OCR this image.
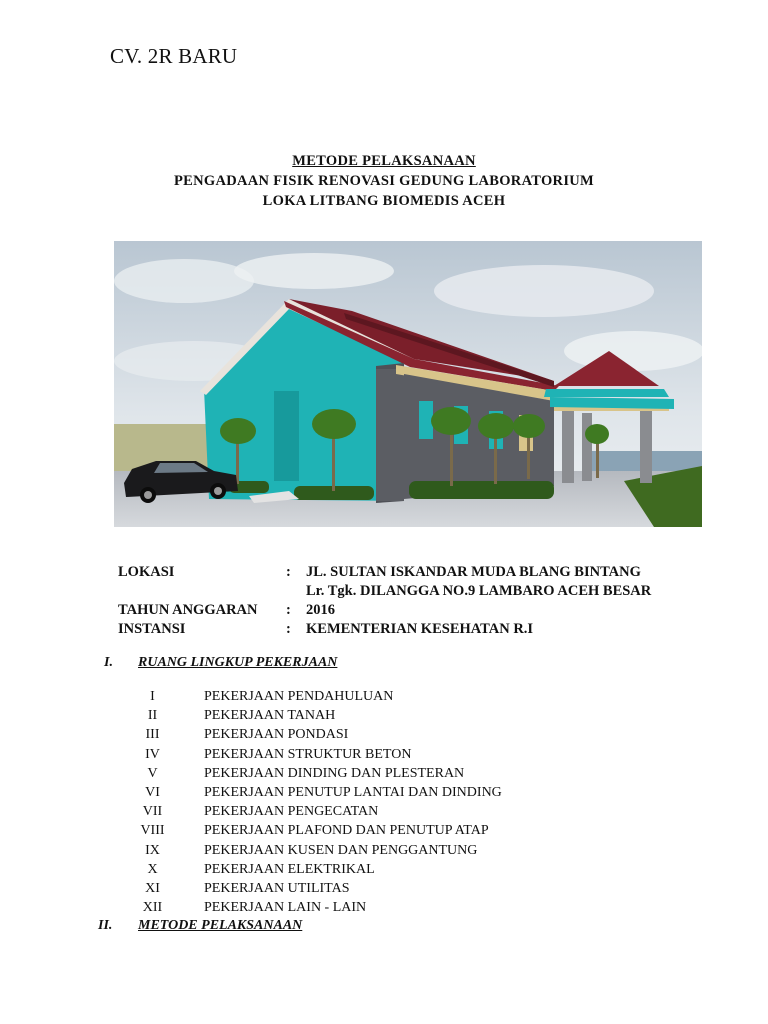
CV. 2R BARU
METODE PELAKSANAAN
PENGADAAN FISIK RENOVASI GEDUNG LABORATORIUM
LOKA LITBANG BIOMEDIS ACEH
LOKASI	: JL. SULTAN ISKANDAR MUDA BLANG BINTANG
Lr. Tgk. DILANGGA NO.9 LAMBARO ACEH BESAR
TAHUN ANGGARAN : 2016
INSTANSI	: KEMENTERIAN KESEHATAN R.I
I. RUANG LINGKUP PEKERJAAN
I	PEKERJAAN PENDAHULUAN
II	PEKERJAAN TANAH
III	PEKERJAAN PONDASI
IV	PEKERJAAN STRUKTUR BETON
V	PEKERJAAN DINDING DAN PLESTERAN
VI	PEKERJAAN PENUTUP LANTAI DAN DINDING
VII	PEKERJAAN PENGECATAN
VIII	PEKERJAAN PLAFOND DAN PENUTUP ATAP
IX	PEKERJAAN KUSEN DAN PENGGANTUNG
X	PEKERJAAN ELEKTRIKAL
XI	PEKERJAAN UTILITAS
XII	PEKERJAAN LAIN - LAIN
II. METODE PELAKSANAAN
